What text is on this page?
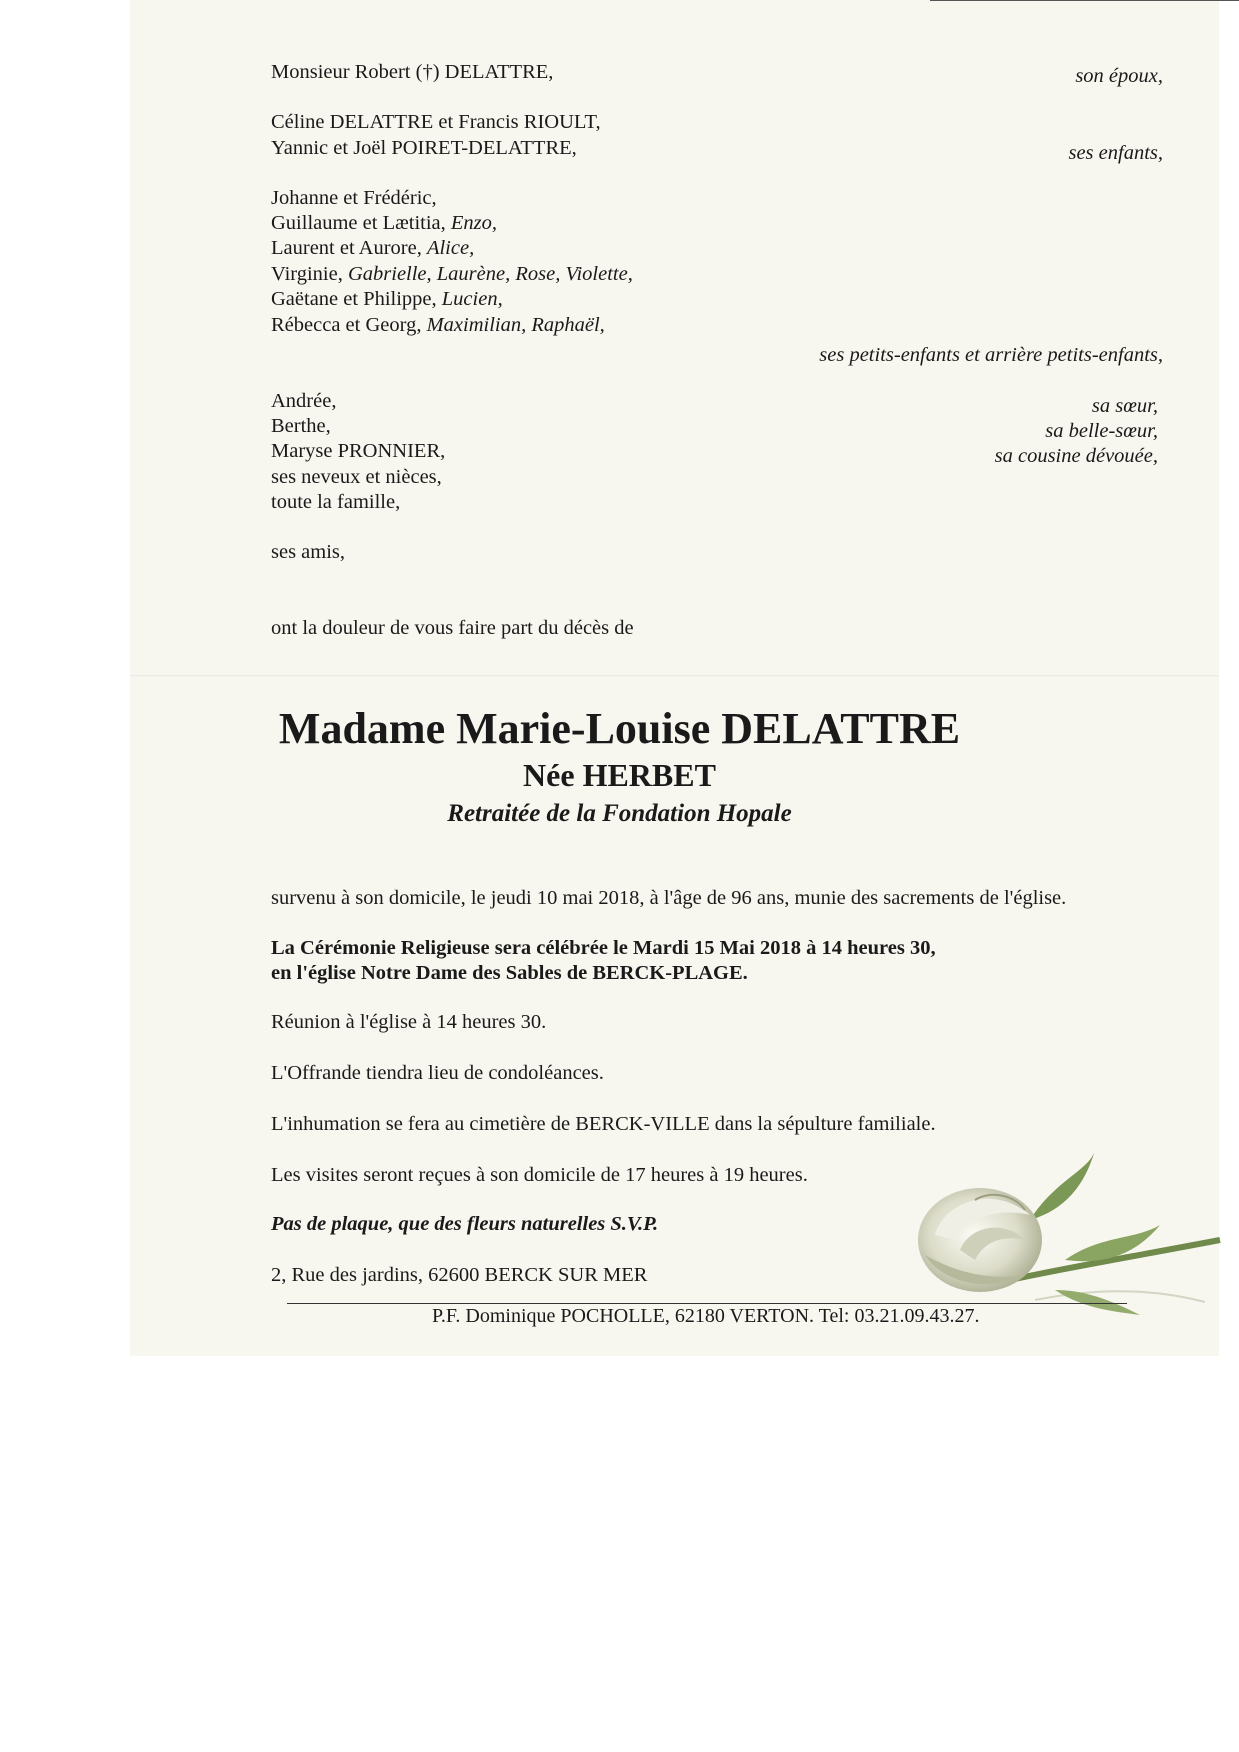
Monsieur Robert (†) DELATTRE,	son époux,
Céline DELATTRE et Francis RIOULT,
Yannic et Joël POIRET-DELATTRE,	ses enfants,
Johanne et Frédéric,
Guillaume et Lætitia, Enzo,
Laurent et Aurore, Alice,
Virginie, Gabrielle, Laurène, Rose, Violette,
Gaëtane et Philippe, Lucien,
Rébecca et Georg, Maximilian, Raphaël,
ses petits-enfants et arrière petits-enfants,
Andrée,
Berthe,
Maryse PRONNIER,
ses neveux et nièces,
toute la famille,
sa sœur,
sa belle-sœur,
sa cousine dévouée,
ses amis,
ont la douleur de vous faire part du décès de
Madame Marie-Louise DELATTRE
Née HERBET
Retraitée de la Fondation Hopale
survenu à son domicile, le jeudi 10 mai 2018, à l'âge de 96 ans, munie des sacrements de l'église.
La Cérémonie Religieuse sera célébrée le Mardi 15 Mai 2018 à 14 heures 30,
en l'église Notre Dame des Sables de BERCK-PLAGE.
Réunion à l'église à 14 heures 30.
L'Offrande tiendra lieu de condoléances.
L'inhumation se fera au cimetière de BERCK-VILLE dans la sépulture familiale.
Les visites seront reçues à son domicile de 17 heures à 19 heures.
Pas de plaque, que des fleurs naturelles S.V.P.
2, Rue des jardins, 62600 BERCK SUR MER
P.F. Dominique POCHOLLE, 62180 VERTON. Tel: 03.21.09.43.27.
